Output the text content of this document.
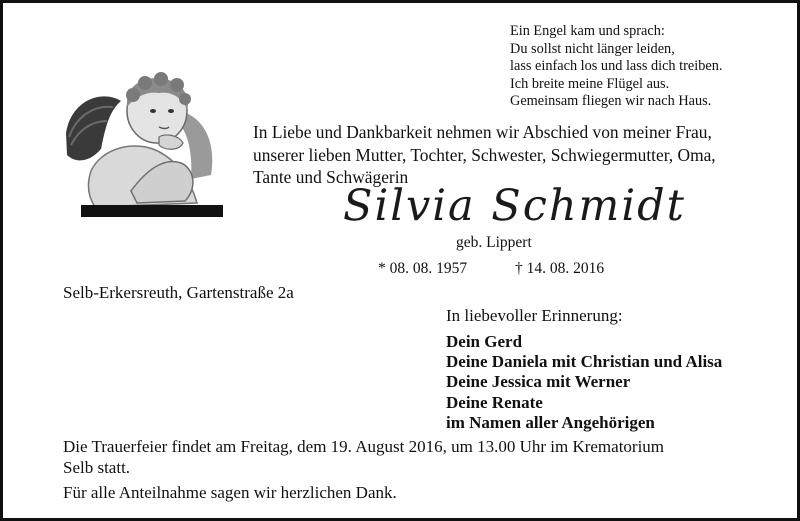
Ein Engel kam und sprach:
Du sollst nicht länger leiden,
lass einfach los und lass dich treiben.
Ich breite meine Flügel aus.
Gemeinsam fliegen wir nach Haus.
In Liebe und Dankbarkeit nehmen wir Abschied von meiner Frau,
unserer lieben Mutter, Tochter, Schwester, Schwiegermutter, Oma,
Tante und Schwägerin
Silvia Schmidt
geb. Lippert
* 08. 08. 1957	† 14. 08. 2016
Selb-Erkersreuth, Gartenstraße 2a
In liebevoller Erinnerung:
Dein Gerd
Deine Daniela mit Christian und Alisa
Deine Jessica mit Werner
Deine Renate
im Namen aller Angehörigen
Die Trauerfeier findet am Freitag, dem 19. August 2016, um 13.00 Uhr im Krematorium
Selb statt.
Für alle Anteilnahme sagen wir herzlichen Dank.
